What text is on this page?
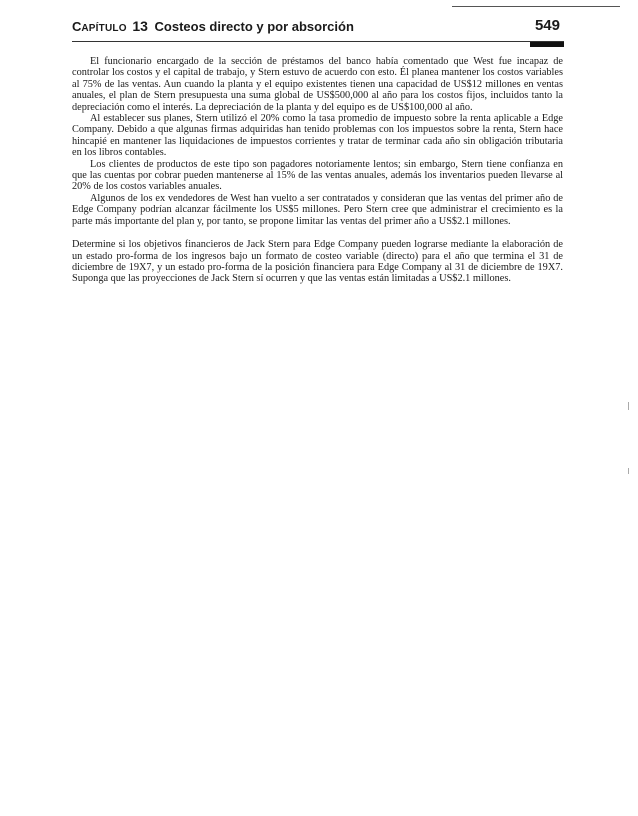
CAPÍTULO 13 Costeos directo y por absorción	549

El funcionario encargado de la sección de préstamos del banco había comentado que West fue incapaz de controlar los costos y el capital de trabajo, y Stern estuvo de acuerdo con esto. Él planea mantener los costos variables al 75% de las ventas. Aun cuando la planta y el equipo existentes tienen una capacidad de US$12 millones en ventas anuales, el plan de Stern presupuesta una suma global de US$500,000 al año para los costos fijos, incluidos tanto la depreciación como el interés. La depreciación de la planta y del equipo es de US$100,000 al año.

Al establecer sus planes, Stern utilizó el 20% como la tasa promedio de impuesto sobre la renta aplicable a Edge Company. Debido a que algunas firmas adquiridas han tenido problemas con los impuestos sobre la renta, Stern hace hincapié en mantener las liquidaciones de impuestos corrientes y tratar de terminar cada año sin obligación tributaria en los libros contables.

Los clientes de productos de este tipo son pagadores notoriamente lentos; sin embargo, Stern tiene confianza en que las cuentas por cobrar pueden mantenerse al 15% de las ventas anuales, además los inventarios pueden llevarse al 20% de los costos variables anuales.

Algunos de los ex vendedores de West han vuelto a ser contratados y consideran que las ventas del primer año de Edge Company podrían alcanzar fácilmente los US$5 millones. Pero Stern cree que administrar el crecimiento es la parte más importante del plan y, por tanto, se propone limitar las ventas del primer año a US$2.1 millones.

Determine si los objetivos financieros de Jack Stern para Edge Company pueden lograrse mediante la elaboración de un estado pro-forma de los ingresos bajo un formato de costeo variable (directo) para el año que termina el 31 de diciembre de 19X7, y un estado pro-forma de la posición financiera para Edge Company al 31 de diciembre de 19X7. Suponga que las proyecciones de Jack Stern sí ocurren y que las ventas están limitadas a US$2.1 millones.
